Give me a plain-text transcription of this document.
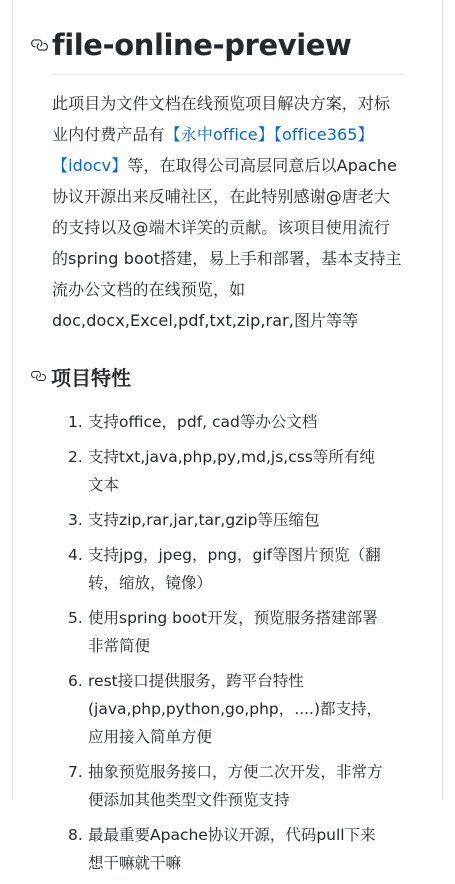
file-online-preview
此项目为文件文档在线预览项目解决方案，对标业内付费产品有【永中office】【office365】【idocv】等，在取得公司高层同意后以Apache协议开源出来反哺社区，在此特别感谢@唐老大的支持以及@端木详笑的贡献。该项目使用流行的spring boot搭建，易上手和部署，基本支持主流办公文档的在线预览，如doc,docx,Excel,pdf,txt,zip,rar,图片等等
项目特性
1. 支持office，pdf, cad等办公文档
2. 支持txt,java,php,py,md,js,css等所有纯文本
3. 支持zip,rar,jar,tar,gzip等压缩包
4. 支持jpg，jpeg，png，gif等图片预览（翻转，缩放，镜像）
5. 使用spring boot开发，预览服务搭建部署非常简便
6. rest接口提供服务，跨平台特性(java,php,python,go,php，....)都支持，应用接入简单方便
7. 抽象预览服务接口，方便二次开发，非常方便添加其他类型文件预览支持
8. 最最重要Apache协议开源，代码pull下来想干嘛就干嘛
